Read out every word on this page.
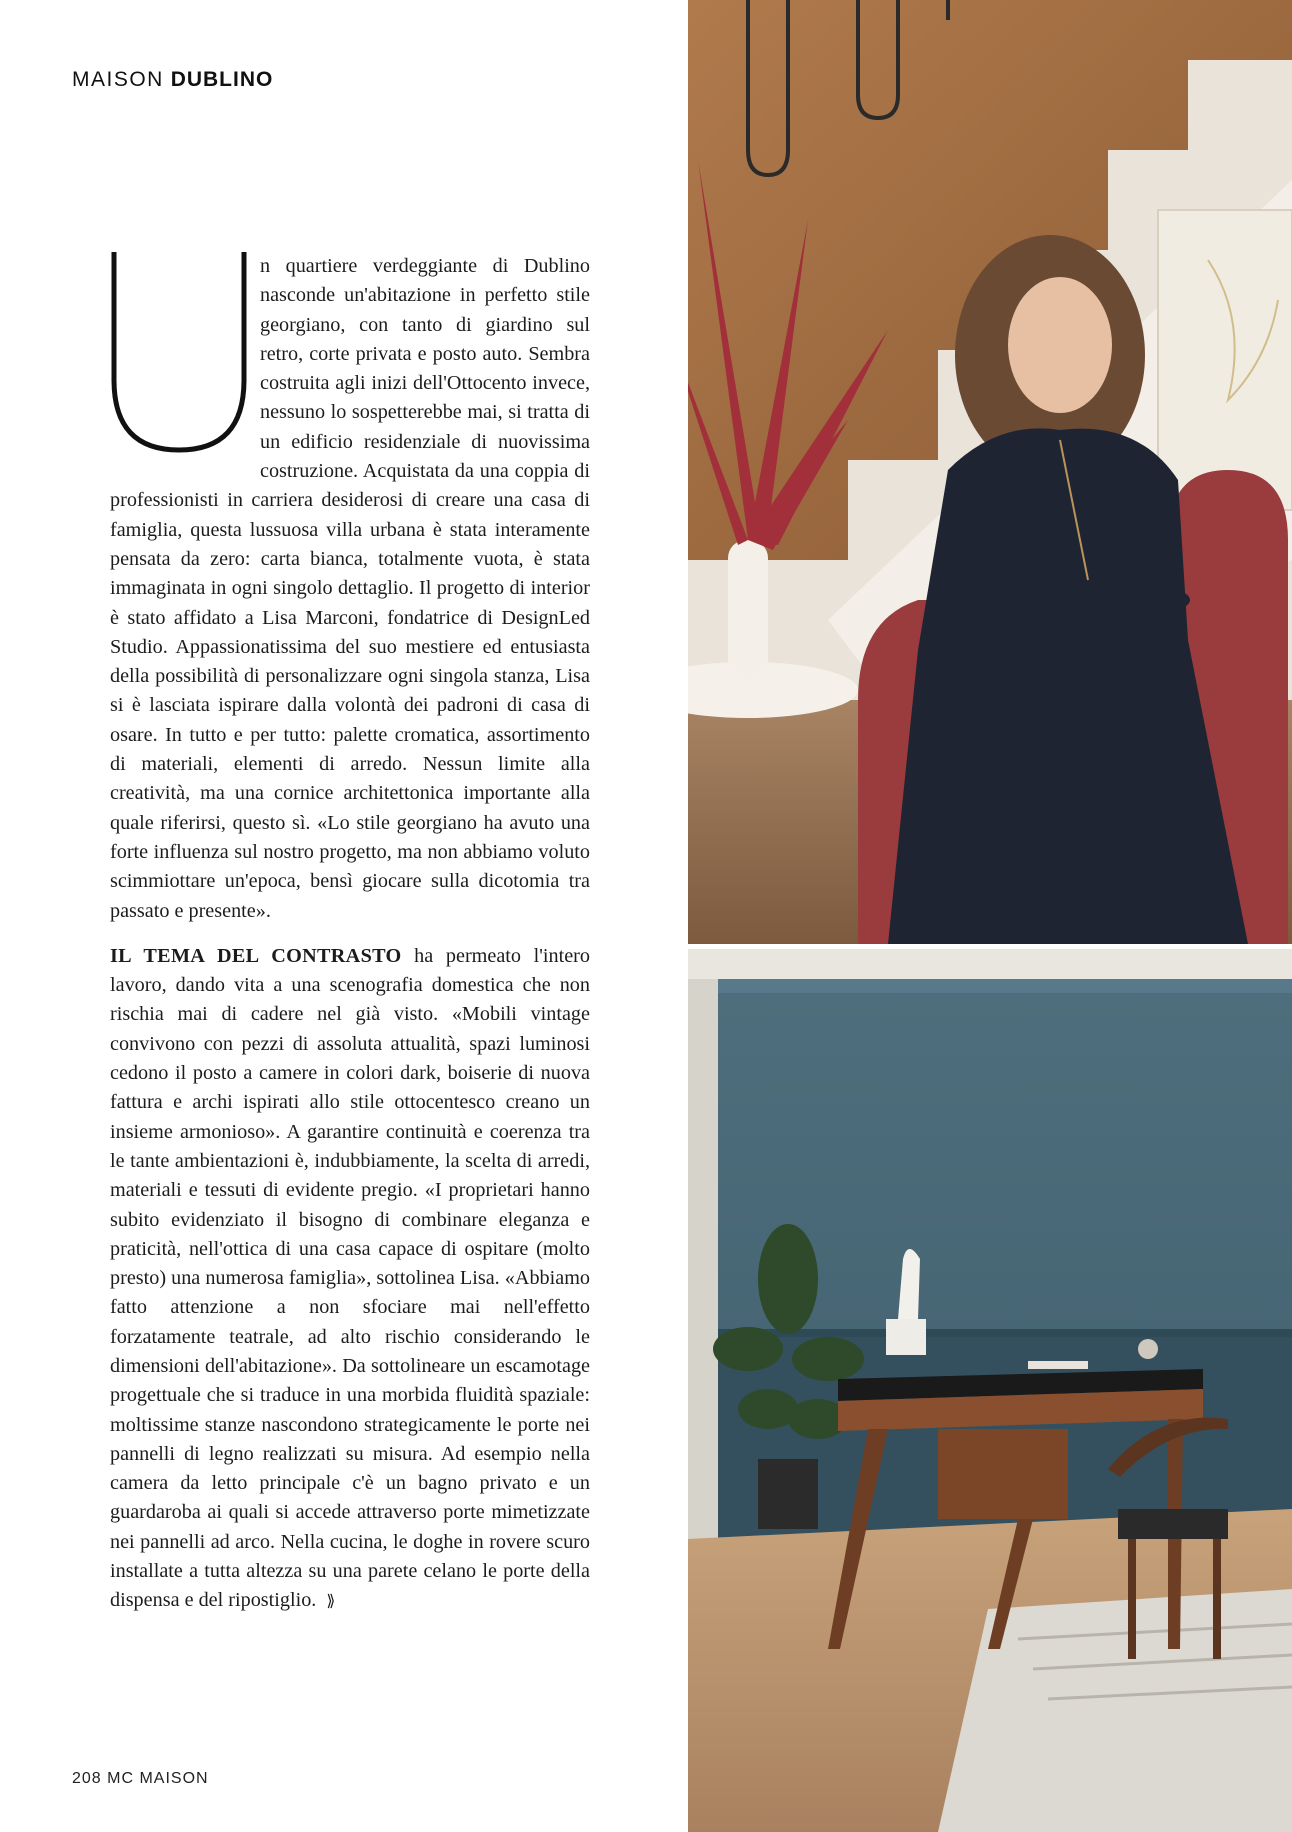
MAISON DUBLINO

n quartiere verdeggiante di Dublino nasconde un'abitazione in perfetto stile georgiano, con tanto di giardino sul retro, corte privata e posto auto. Sembra costruita agli inizi dell'Ottocento invece, nessuno lo sospetterebbe mai, si tratta di un edificio residenziale di nuovissima costruzione. Acquistata da una coppia di professionisti in carriera desiderosi di creare una casa di famiglia, questa lussuosa villa urbana è stata interamente pensata da zero: carta bianca, totalmente vuota, è stata immaginata in ogni singolo dettaglio. Il progetto di interior è stato affidato a Lisa Marconi, fondatrice di DesignLed Studio. Appassionatissima del suo mestiere ed entusiasta della possibilità di personalizzare ogni singola stanza, Lisa si è lasciata ispirare dalla volontà dei padroni di casa di osare. In tutto e per tutto: palette cromatica, assortimento di materiali, elementi di arredo. Nessun limite alla creatività, ma una cornice architettonica importante alla quale riferirsi, questo sì. «Lo stile georgiano ha avuto una forte influenza sul nostro progetto, ma non abbiamo voluto scimmiottare un'epoca, bensì giocare sulla dicotomia tra passato e presente».

IL TEMA DEL CONTRASTO ha permeato l'intero lavoro, dando vita a una scenografia domestica che non rischia mai di cadere nel già visto. «Mobili vintage convivono con pezzi di assoluta attualità, spazi luminosi cedono il posto a camere in colori dark, boiserie di nuova fattura e archi ispirati allo stile ottocentesco creano un insieme armonioso». A garantire continuità e coerenza tra le tante ambientazioni è, indubbiamente, la scelta di arredi, materiali e tessuti di evidente pregio. «I proprietari hanno subito evidenziato il bisogno di combinare eleganza e praticità, nell'ottica di una casa capace di ospitare (molto presto) una numerosa famiglia», sottolinea Lisa. «Abbiamo fatto attenzione a non sfociare mai nell'effetto forzatamente teatrale, ad alto rischio considerando le dimensioni dell'abitazione». Da sottolineare un escamotage progettuale che si traduce in una morbida fluidità spaziale: moltissime stanze nascondono strategicamente le porte nei pannelli di legno realizzati su misura. Ad esempio nella camera da letto principale c'è un bagno privato e un guardaroba ai quali si accede attraverso porte mimetizzate nei pannelli ad arco. Nella cucina, le doghe in rovere scuro installate a tutta altezza su una parete celano le porte della dispensa e del ripostiglio. ⟫

208 MC MAISON
